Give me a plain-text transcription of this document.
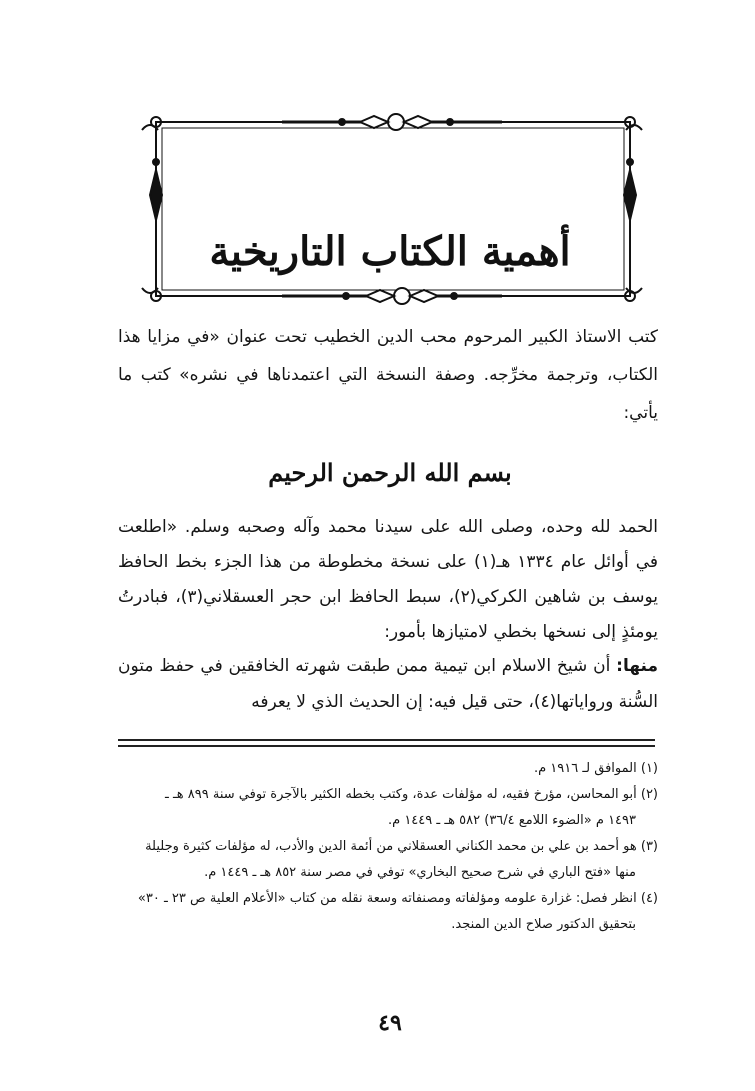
أهمية الكتاب التاريخية
كتب الاستاذ الكبير المرحوم محب الدين الخطيب تحت عنوان «في مزايا هذا الكتاب، وترجمة مخرِّجه. وصفة النسخة التي اعتمدناها في نشره» كتب ما يأتي:
بسم الله الرحمن الرحيم
الحمد لله وحده، وصلى الله على سيدنا محمد وآله وصحبه وسلم. «اطلعت في أوائل عام ١٣٣٤ هـ(١) على نسخة مخطوطة من هذا الجزء بخط الحافظ يوسف بن شاهين الكركي(٢)، سبط الحافظ ابن حجر العسقلاني(٣)، فبادرتُ يومئذٍ إلى نسخها بخطي لامتيازها بأمور:
منها: أن شيخ الاسلام ابن تيمية ممن طبقت شهرته الخافقين في حفظ متون السُّنة ورواياتها(٤)، حتى قيل فيه: إن الحديث الذي لا يعرفه

(١) الموافق لـ ١٩١٦ م.

(٢) أبو المحاسن، مؤرخ فقيه، له مؤلفات عدة، وكتب بخطه الكثير بالآجرة توفي سنة ٨٩٩ هـ ـ
١٤٩٣ م «الضوء اللامع ٣٦/٤) ٥٨٢ هـ ـ ١٤٤٩ م.

(٣) هو أحمد بن علي بن محمد الكناني العسقلاني من أئمة الدين والأدب، له مؤلفات كثيرة وجليلة
منها «فتح الباري في شرح صحيح البخاري» توفي في مصر سنة ٨٥٢ هـ ـ ١٤٤٩ م.

(٤) انظر فصل: غزارة علومه ومؤلفاته ومصنفاته وسعة نقله من كتاب «الأعلام العلية ص ٢٣ ـ ٣٠»
بتحقيق الدكتور صلاح الدين المنجد.

٤٩
